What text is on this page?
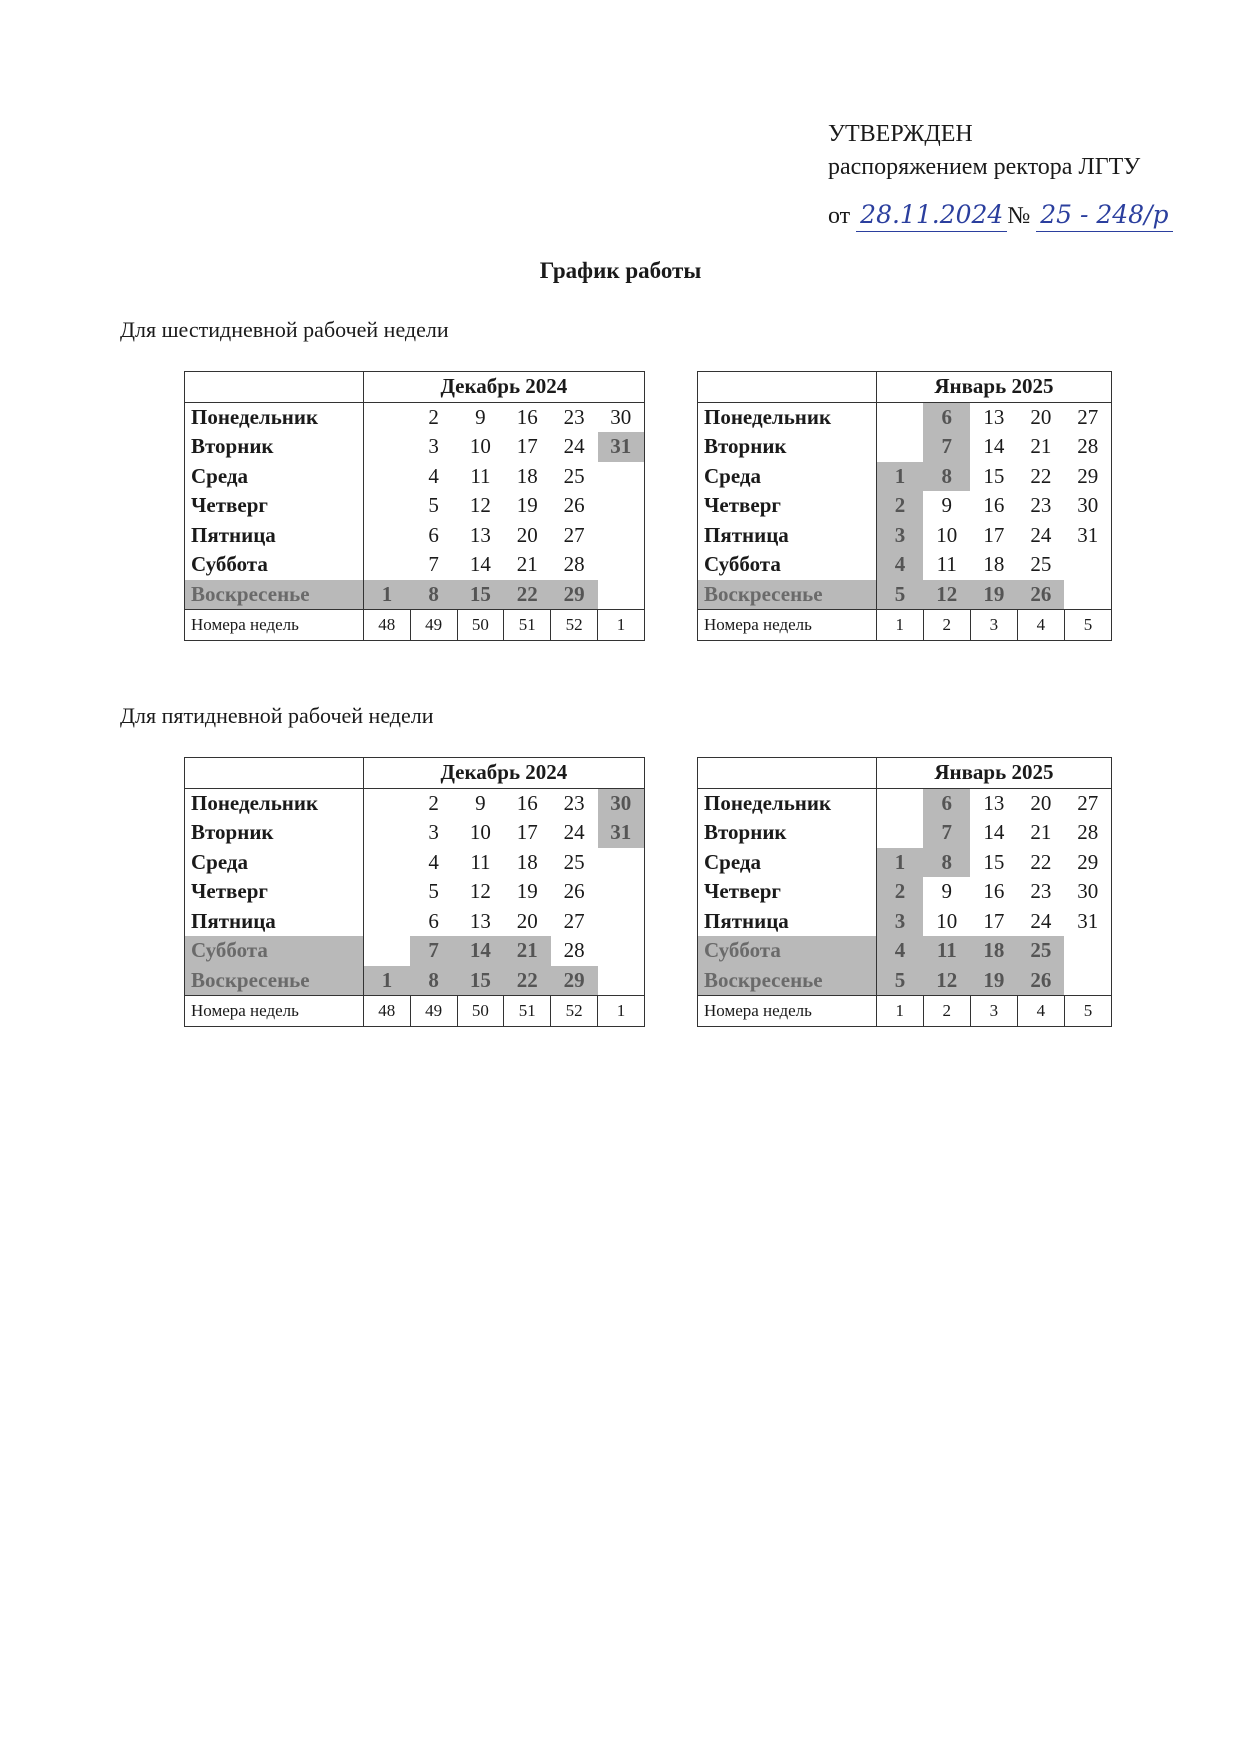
УТВЕРЖДЕН
распоряжением ректора ЛГТУ
от 28.11.2024 № 25 - 248/р
График работы
Для шестидневной рабочей недели
Для пятидневной рабочей недели
	Декабрь 2024					
Понедельник		2	9	16	23	30
Вторник		3	10	17	24	31
Среда		4	11	18	25	
Четверг		5	12	19	26	
Пятница		6	13	20	27	
Суббота		7	14	21	28	
Воскресенье	1	8	15	22	29	
Номера недель	48	49	50	51	52	1
	Январь 2025				
Понедельник		6	13	20	27
Вторник		7	14	21	28
Среда	1	8	15	22	29
Четверг	2	9	16	23	30
Пятница	3	10	17	24	31
Суббота	4	11	18	25	
Воскресенье	5	12	19	26	
Номера недель	1	2	3	4	5
	Декабрь 2024					
Понедельник		2	9	16	23	30
Вторник		3	10	17	24	31
Среда		4	11	18	25	
Четверг		5	12	19	26	
Пятница		6	13	20	27	
Суббота		7	14	21	28	
Воскресенье	1	8	15	22	29	
Номера недель	48	49	50	51	52	1
	Январь 2025				
Понедельник		6	13	20	27
Вторник		7	14	21	28
Среда	1	8	15	22	29
Четверг	2	9	16	23	30
Пятница	3	10	17	24	31
Суббота	4	11	18	25	
Воскресенье	5	12	19	26	
Номера недель	1	2	3	4	5
